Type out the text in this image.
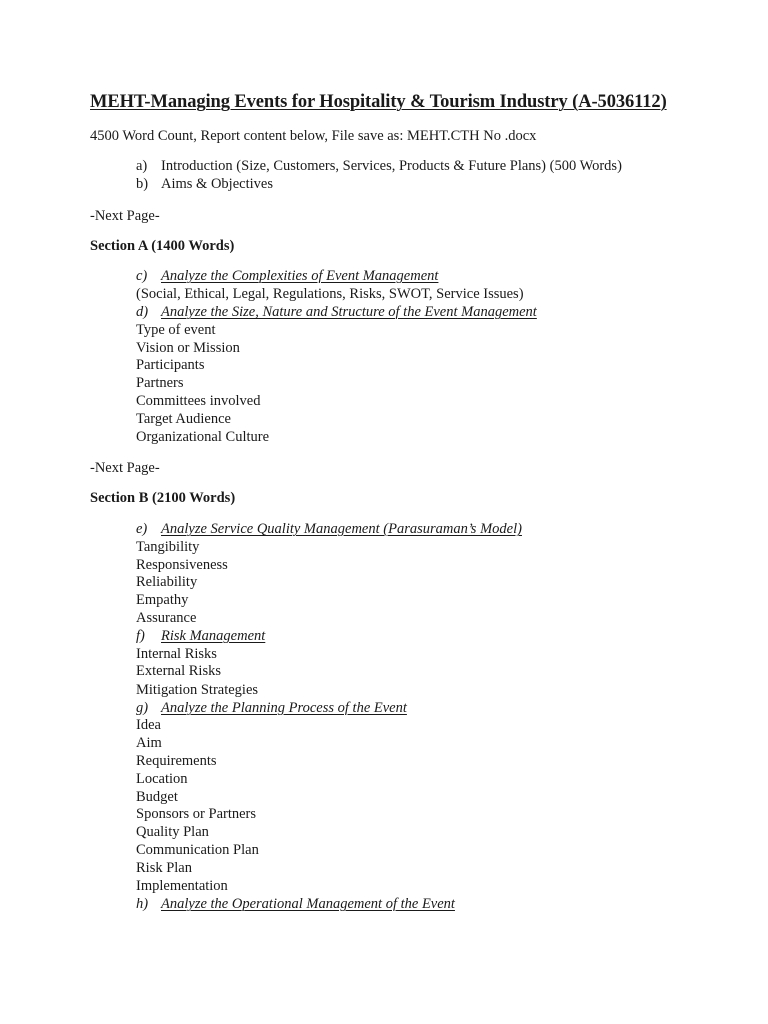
MEHT-Managing Events for Hospitality & Tourism Industry (A-5036112)
4500 Word Count, Report content below, File save as: MEHT.CTH No .docx
a) Introduction (Size, Customers, Services, Products & Future Plans) (500 Words)
b) Aims & Objectives
-Next Page-
Section A (1400 Words)
c) Analyze the Complexities of Event Management
(Social, Ethical, Legal, Regulations, Risks, SWOT, Service Issues)
d) Analyze the Size, Nature and Structure of the Event Management
Type of event
Vision or Mission
Participants
Partners
Committees involved
Target Audience
Organizational Culture
-Next Page-
Section B (2100 Words)
e) Analyze Service Quality Management (Parasuraman’s Model)
Tangibility
Responsiveness
Reliability
Empathy
Assurance
f) Risk Management
Internal Risks
External Risks
Mitigation Strategies
g) Analyze the Planning Process of the Event
Idea
Aim
Requirements
Location
Budget
Sponsors or Partners
Quality Plan
Communication Plan
Risk Plan
Implementation
h) Analyze the Operational Management of the Event
